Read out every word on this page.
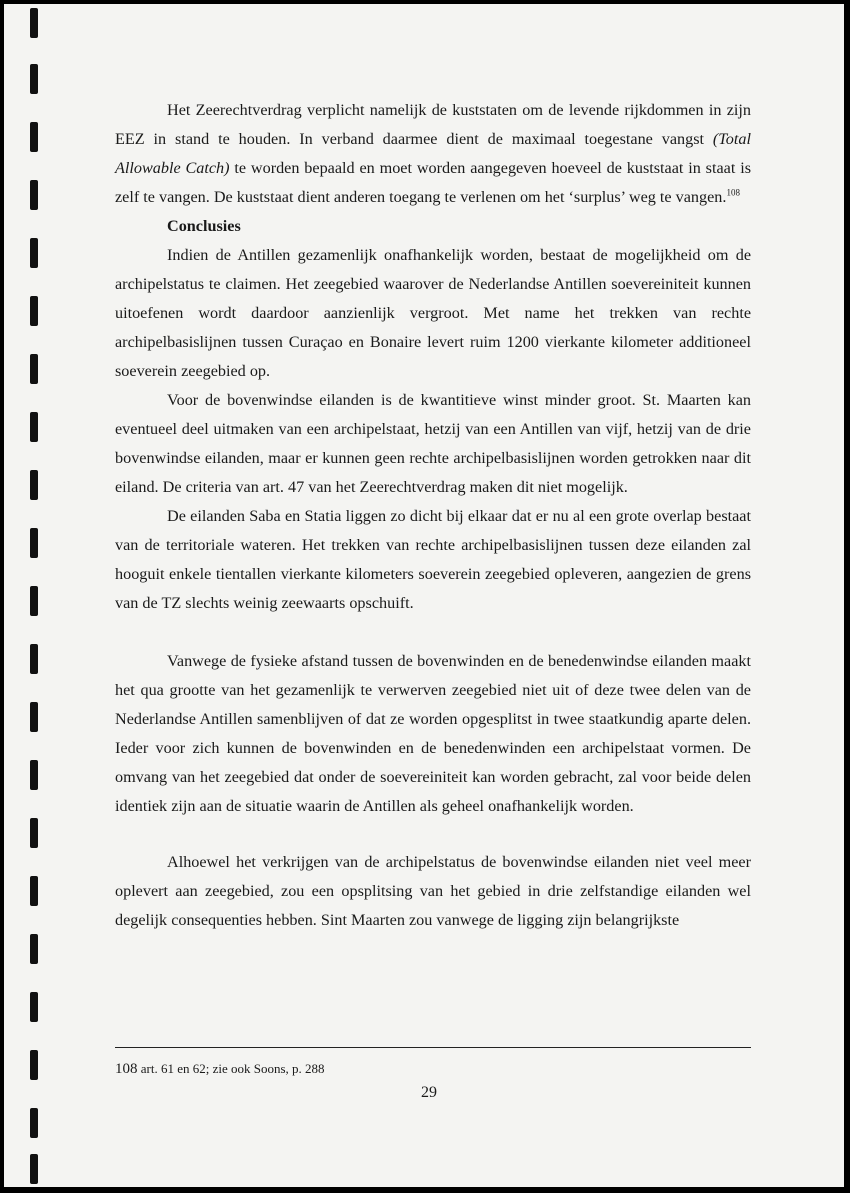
Het Zeerechtverdrag verplicht namelijk de kuststaten om de levende rijkdommen in zijn EEZ in stand te houden. In verband daarmee dient de maximaal toegestane vangst (Total Allowable Catch) te worden bepaald en moet worden aangegeven hoeveel de kuststaat in staat is zelf te vangen. De kuststaat dient anderen toegang te verlenen om het ‘surplus’ weg te vangen.$^{108}$

Conclusies

Indien de Antillen gezamenlijk onafhankelijk worden, bestaat de mogelijkheid om de archipelstatus te claimen. Het zeegebied waarover de Nederlandse Antillen soevereiniteit kunnen uitoefenen wordt daardoor aanzienlijk vergroot. Met name het trekken van rechte archipelbasislijnen tussen Curaçao en Bonaire levert ruim 1200 vierkante kilometer additioneel soeverein zeegebied op.

Voor de bovenwindse eilanden is de kwantitieve winst minder groot. St. Maarten kan eventueel deel uitmaken van een archipelstaat, hetzij van een Antillen van vijf, hetzij van de drie bovenwindse eilanden, maar er kunnen geen rechte archipelbasislijnen worden getrokken naar dit eiland. De criteria van art. 47 van het Zeerechtverdrag maken dit niet mogelijk.

De eilanden Saba en Statia liggen zo dicht bij elkaar dat er nu al een grote overlap bestaat van de territoriale wateren. Het trekken van rechte archipelbasislijnen tussen deze eilanden zal hooguit enkele tientallen vierkante kilometers soeverein zeegebied opleveren, aangezien de grens van de TZ slechts weinig zeewaarts opschuift.

Vanwege de fysieke afstand tussen de bovenwinden en de benedenwindse eilanden maakt het qua grootte van het gezamenlijk te verwerven zeegebied niet uit of deze twee delen van de Nederlandse Antillen samenblijven of dat ze worden opgesplitst in twee staatkundig aparte delen. Ieder voor zich kunnen de bovenwinden en de benedenwinden een archipelstaat vormen. De omvang van het zeegebied dat onder de soevereiniteit kan worden gebracht, zal voor beide delen identiek zijn aan de situatie waarin de Antillen als geheel onafhankelijk worden.

Alhoewel het verkrijgen van de archipelstatus de bovenwindse eilanden niet veel meer oplevert aan zeegebied, zou een opsplitsing van het gebied in drie zelfstandige eilanden wel degelijk consequenties hebben. Sint Maarten zou vanwege de ligging zijn belangrijkste

108 art. 61 en 62; zie ook Soons, p. 288
29
